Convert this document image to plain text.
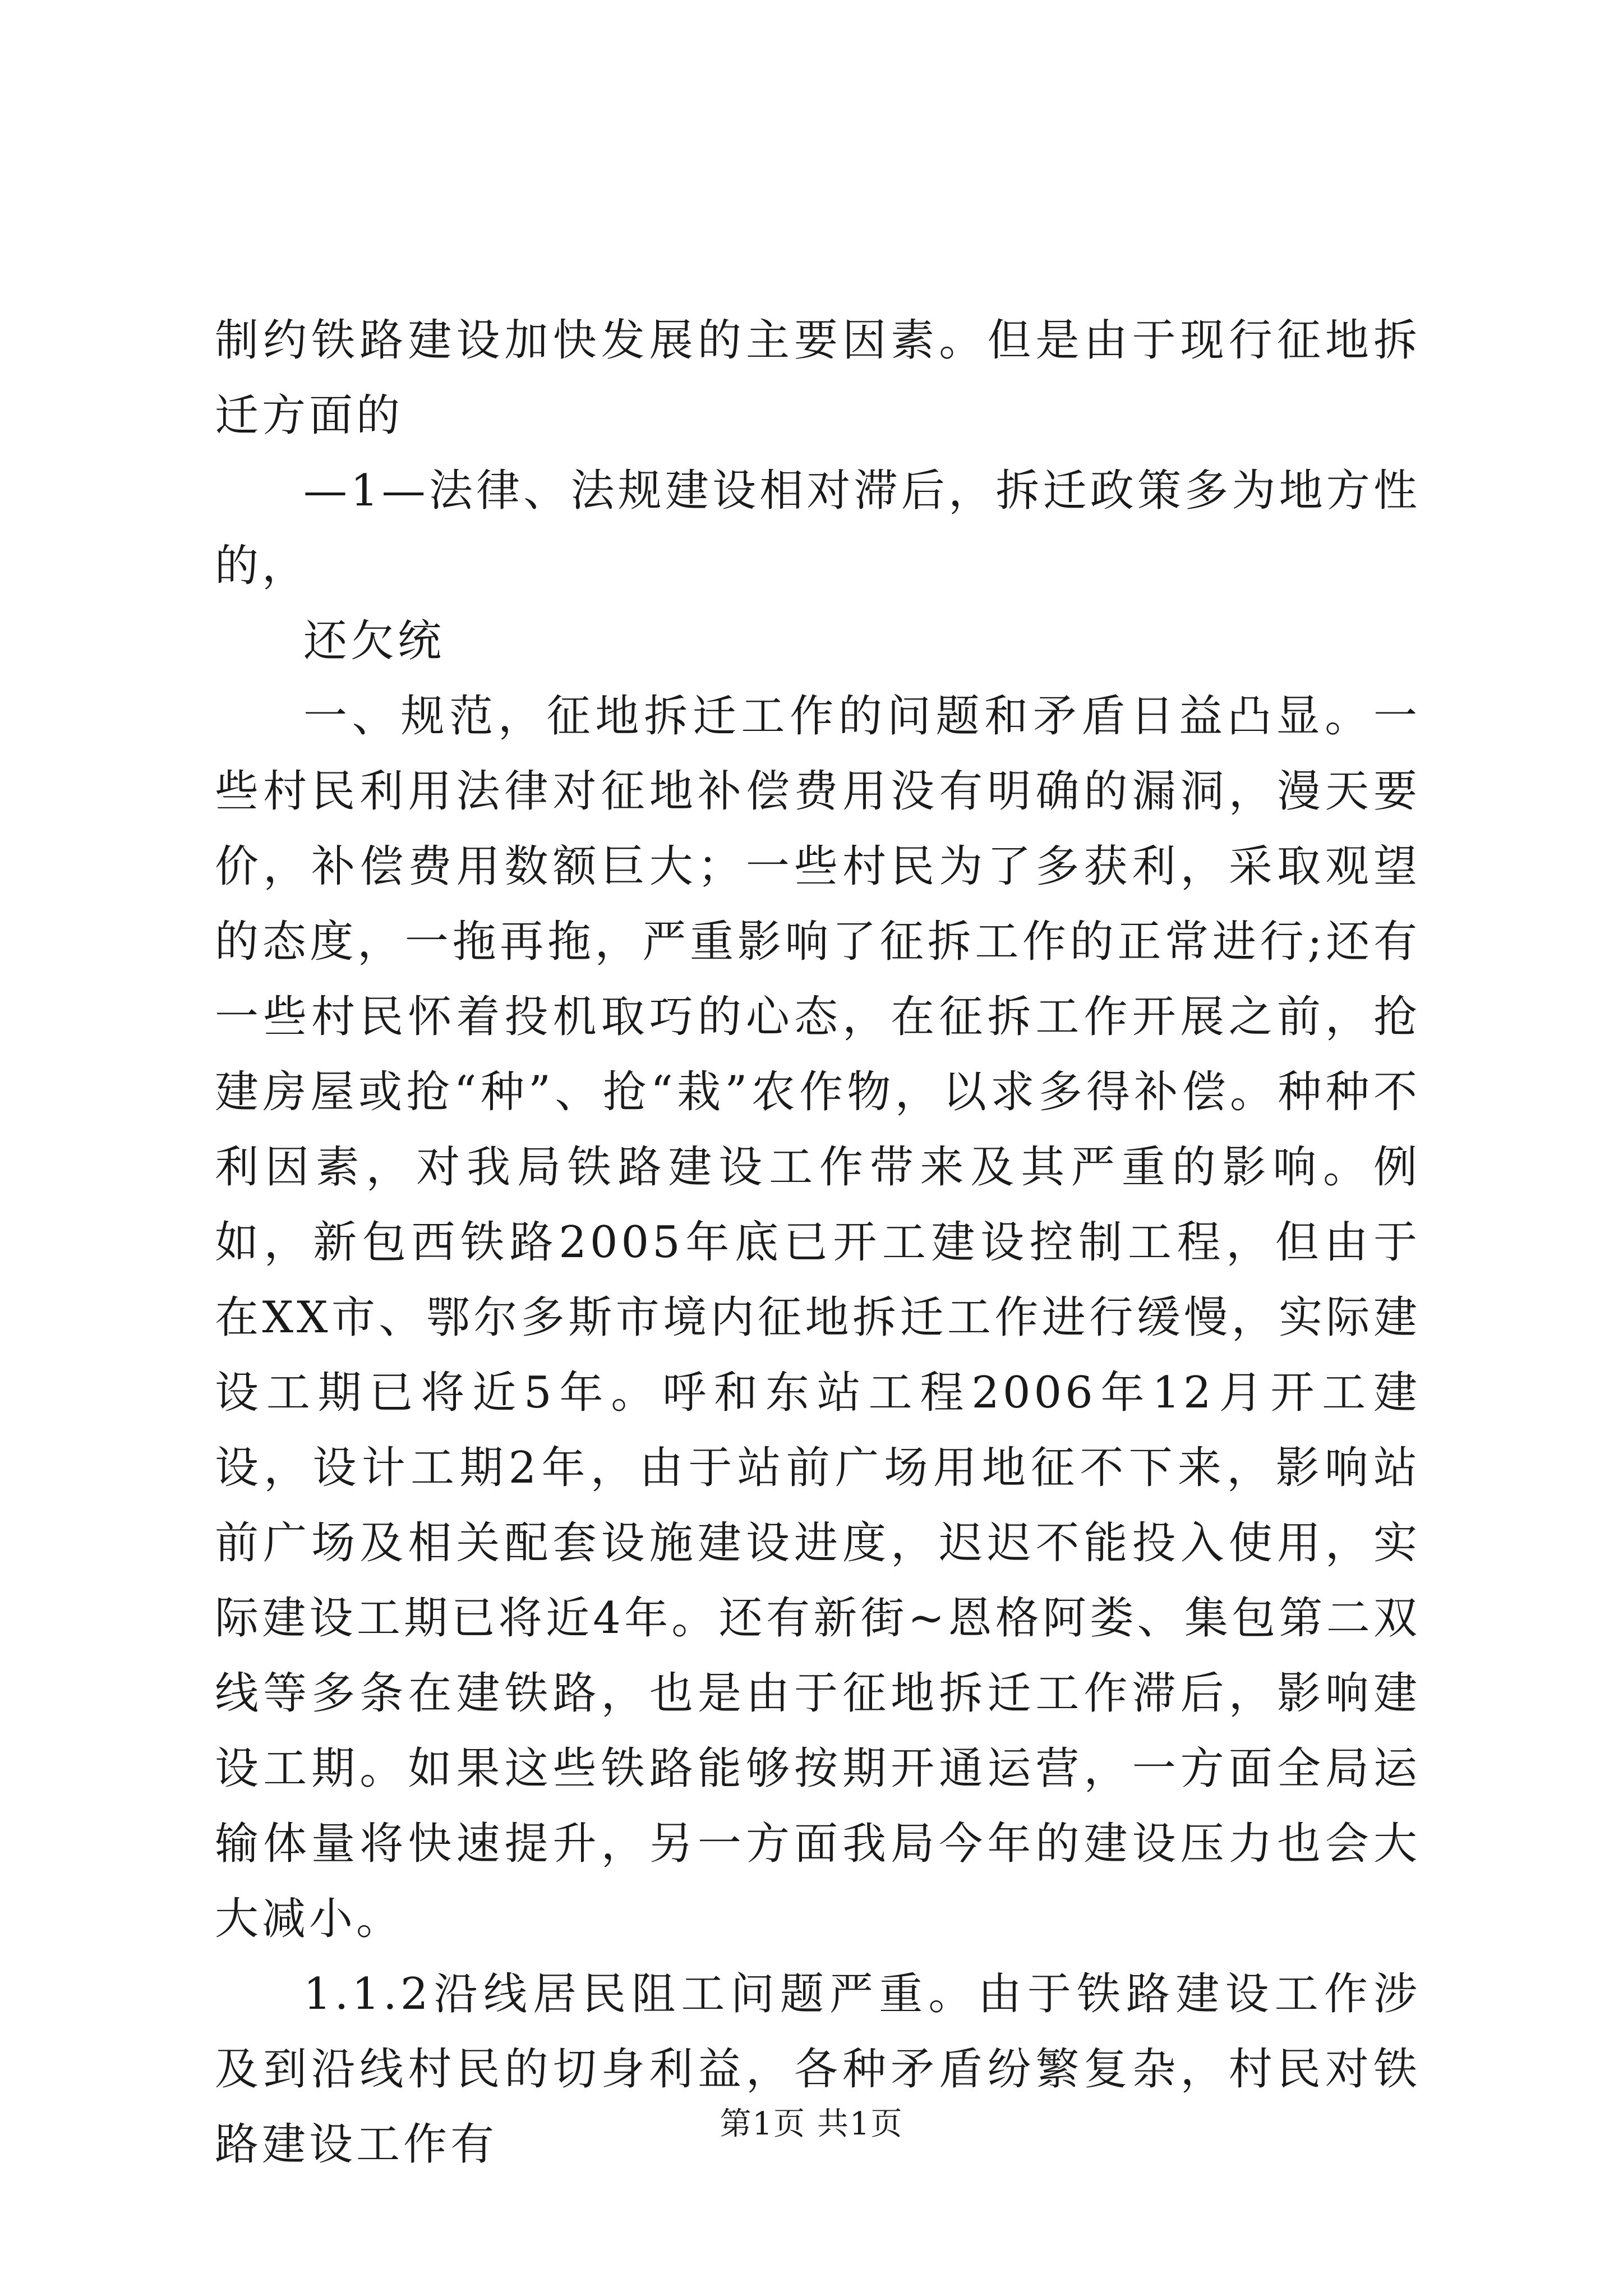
制约铁路建设加快发展的主要因素。但是由于现行征地拆迁方面的

—1—法律、法规建设相对滞后，拆迁政策多为地方性的，

还欠统

一、规范，征地拆迁工作的问题和矛盾日益凸显。一些村民利用法律对征地补偿费用没有明确的漏洞，漫天要价，补偿费用数额巨大；一些村民为了多获利，采取观望的态度，一拖再拖，严重影响了征拆工作的正常进行;还有一些村民怀着投机取巧的心态，在征拆工作开展之前，抢建房屋或抢“种”、抢“栽”农作物，以求多得补偿。种种不利因素，对我局铁路建设工作带来及其严重的影响。例如，新包西铁路2005年底已开工建设控制工程，但由于在XX市、鄂尔多斯市境内征地拆迁工作进行缓慢，实际建设工期已将近5年。呼和东站工程2006年12月开工建设，设计工期2年，由于站前广场用地征不下来，影响站前广场及相关配套设施建设进度，迟迟不能投入使用，实际建设工期已将近4年。还有新街~恩格阿娄、集包第二双线等多条在建铁路，也是由于征地拆迁工作滞后，影响建设工期。如果这些铁路能够按期开通运营，一方面全局运输体量将快速提升，另一方面我局今年的建设压力也会大大减小。

1.1.2沿线居民阻工问题严重。由于铁路建设工作涉及到沿线村民的切身利益，各种矛盾纷繁复杂，村民对铁路建设工作有	第1页 共1页
